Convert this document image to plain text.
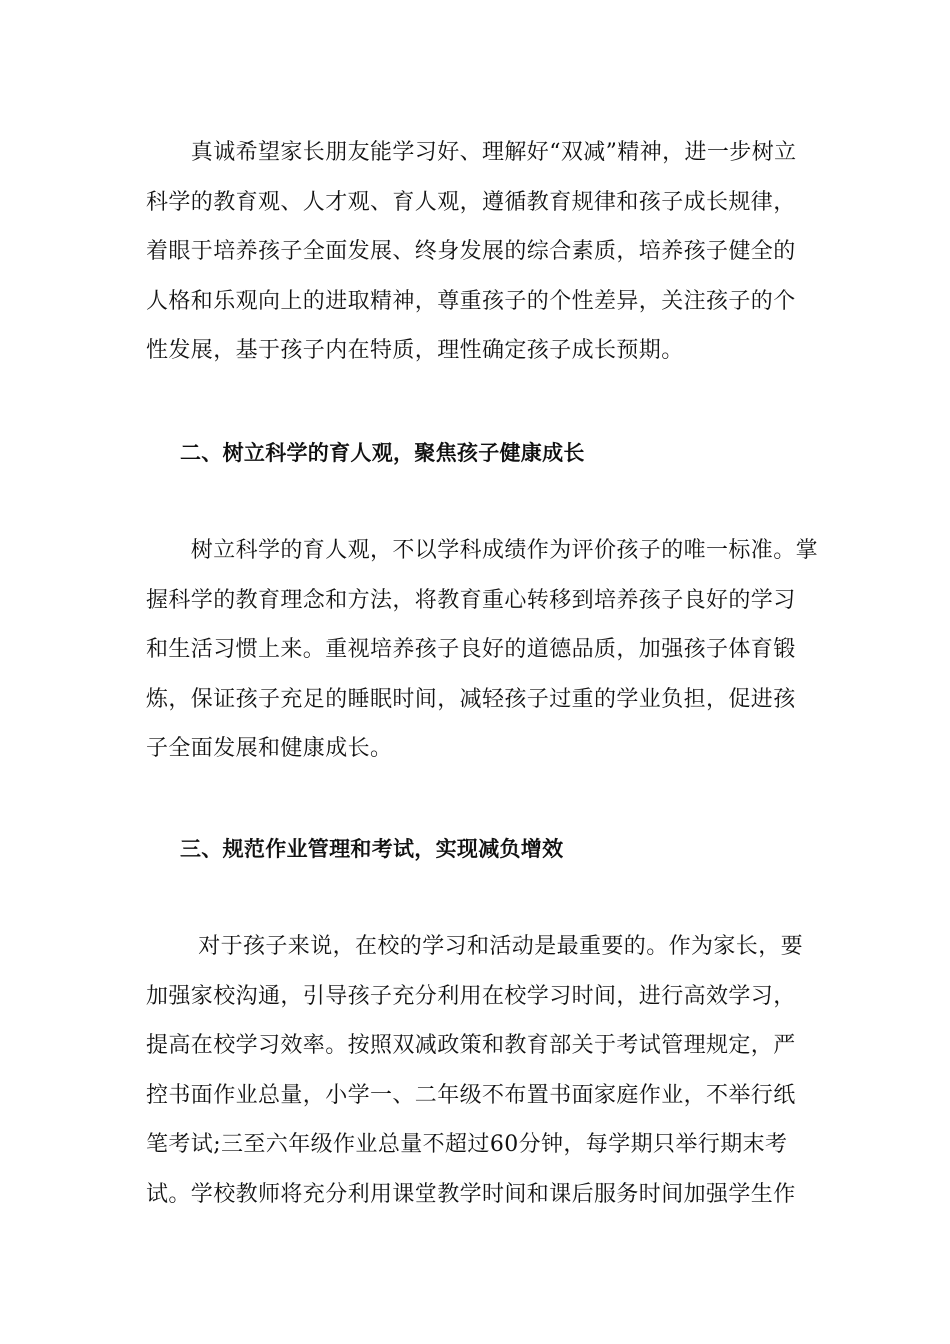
　　真诚希望家长朋友能学习好、理解好“双减”精神，进一步树立
科学的教育观、人才观、育人观，遵循教育规律和孩子成长规律，
着眼于培养孩子全面发展、终身发展的综合素质，培养孩子健全的
人格和乐观向上的进取精神，尊重孩子的个性差异，关注孩子的个
性发展，基于孩子内在特质，理性确定孩子成长预期。
二、树立科学的育人观，聚焦孩子健康成长
　　树立科学的育人观，不以学科成绩作为评价孩子的唯一标准。掌
握科学的教育理念和方法，将教育重心转移到培养孩子良好的学习
和生活习惯上来。重视培养孩子良好的道德品质，加强孩子体育锻
炼，保证孩子充足的睡眠时间，减轻孩子过重的学业负担，促进孩
子全面发展和健康成长。
三、规范作业管理和考试，实现减负增效
　　 对于孩子来说，在校的学习和活动是最重要的。作为家长，要
加强家校沟通，引导孩子充分利用在校学习时间，进行高效学习，
提高在校学习效率。按照双减政策和教育部关于考试管理规定，严
控书面作业总量，小学一、二年级不布置书面家庭作业，不举行纸
笔考试;三至六年级作业总量不超过60分钟，每学期只举行期末考
试。学校教师将充分利用课堂教学时间和课后服务时间加强学生作
